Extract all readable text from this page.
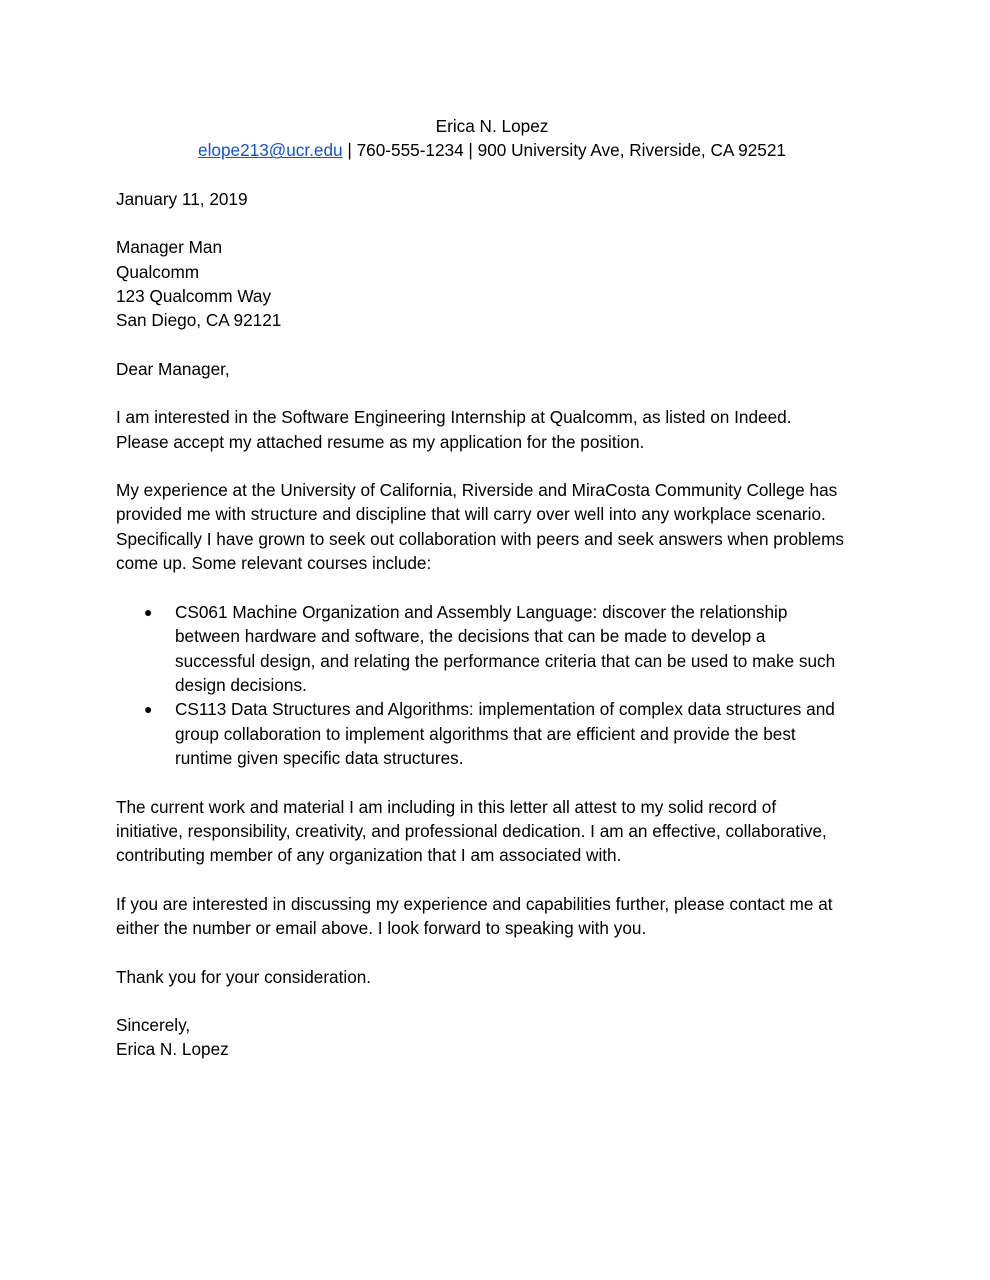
Erica N. Lopez
elope213@ucr.edu | 760-555-1234 | 900 University Ave, Riverside, CA 92521

January 11, 2019

Manager Man

Qualcomm

123 Qualcomm Way

San Diego, CA 92121

Dear Manager,

I am interested in the Software Engineering Internship at Qualcomm, as listed on Indeed.

Please accept my attached resume as my application for the position.

My experience at the University of California, Riverside and MiraCosta Community College has

provided me with structure and discipline that will carry over well into any workplace scenario.

Specifically I have grown to seek out collaboration with peers and seek answers when problems

come up. Some relevant courses include:

● CS061 Machine Organization and Assembly Language: discover the relationship
between hardware and software, the decisions that can be made to develop a
successful design, and relating the performance criteria that can be used to make such
design decisions.
● CS113 Data Structures and Algorithms: implementation of complex data structures and
group collaboration to implement algorithms that are efficient and provide the best
runtime given specific data structures.

The current work and material I am including in this letter all attest to my solid record of

initiative, responsibility, creativity, and professional dedication. I am an effective, collaborative,

contributing member of any organization that I am associated with.

If you are interested in discussing my experience and capabilities further, please contact me at

either the number or email above. I look forward to speaking with you.

Thank you for your consideration.

Sincerely,

Erica N. Lopez
